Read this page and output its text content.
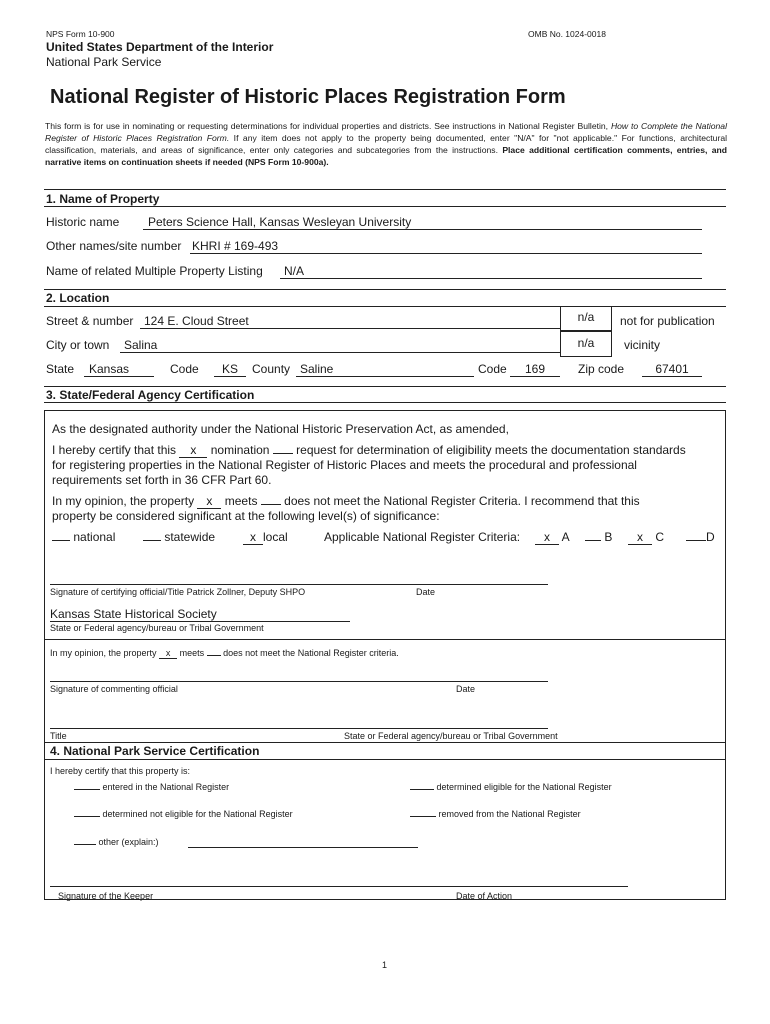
NPS Form 10-900	OMB No. 1024-0018
United States Department of the Interior
National Park Service
National Register of Historic Places Registration Form
This form is for use in nominating or requesting determinations for individual properties and districts. See instructions in National Register Bulletin, How to Complete the National Register of Historic Places Registration Form. If any item does not apply to the property being documented, enter "N/A" for "not applicable." For functions, architectural classification, materials, and areas of significance, enter only categories and subcategories from the instructions. Place additional certification comments, entries, and narrative items on continuation sheets if needed (NPS Form 10-900a).
1. Name of Property
Historic name	Peters Science Hall, Kansas Wesleyan University
Other names/site number KHRI # 169-493
Name of related Multiple Property Listing	N/A
2. Location
Street & number 124 E. Cloud Street	n/a	not for publication
City or town	Salina	n/a	vicinity
State	Kansas	Code	KS	County Saline	Code	169	Zip code	67401
3. State/Federal Agency Certification
As the designated authority under the National Historic Preservation Act, as amended,
I hereby certify that this x nomination request for determination of eligibility meets the documentation standards
for registering properties in the National Register of Historic Places and meets the procedural and professional
requirements set forth in 36 CFR Part 60.
In my opinion, the property x meets does not meet the National Register Criteria. I recommend that this
property be considered significant at the following level(s) of significance:
national	statewide	x local	Applicable National Register Criteria:	x A	B	x C	D
Signature of certifying official/Title Patrick Zollner, Deputy SHPO	Date
Kansas State Historical Society
State or Federal agency/bureau or Tribal Government
In my opinion, the property x meets does not meet the National Register criteria.
Signature of commenting official	Date
Title	State or Federal agency/bureau or Tribal Government
4. National Park Service Certification
I hereby certify that this property is:
entered in the National Register	determined eligible for the National Register
determined not eligible for the National Register	removed from the National Register
other (explain:)
Signature of the Keeper	Date of Action
1
